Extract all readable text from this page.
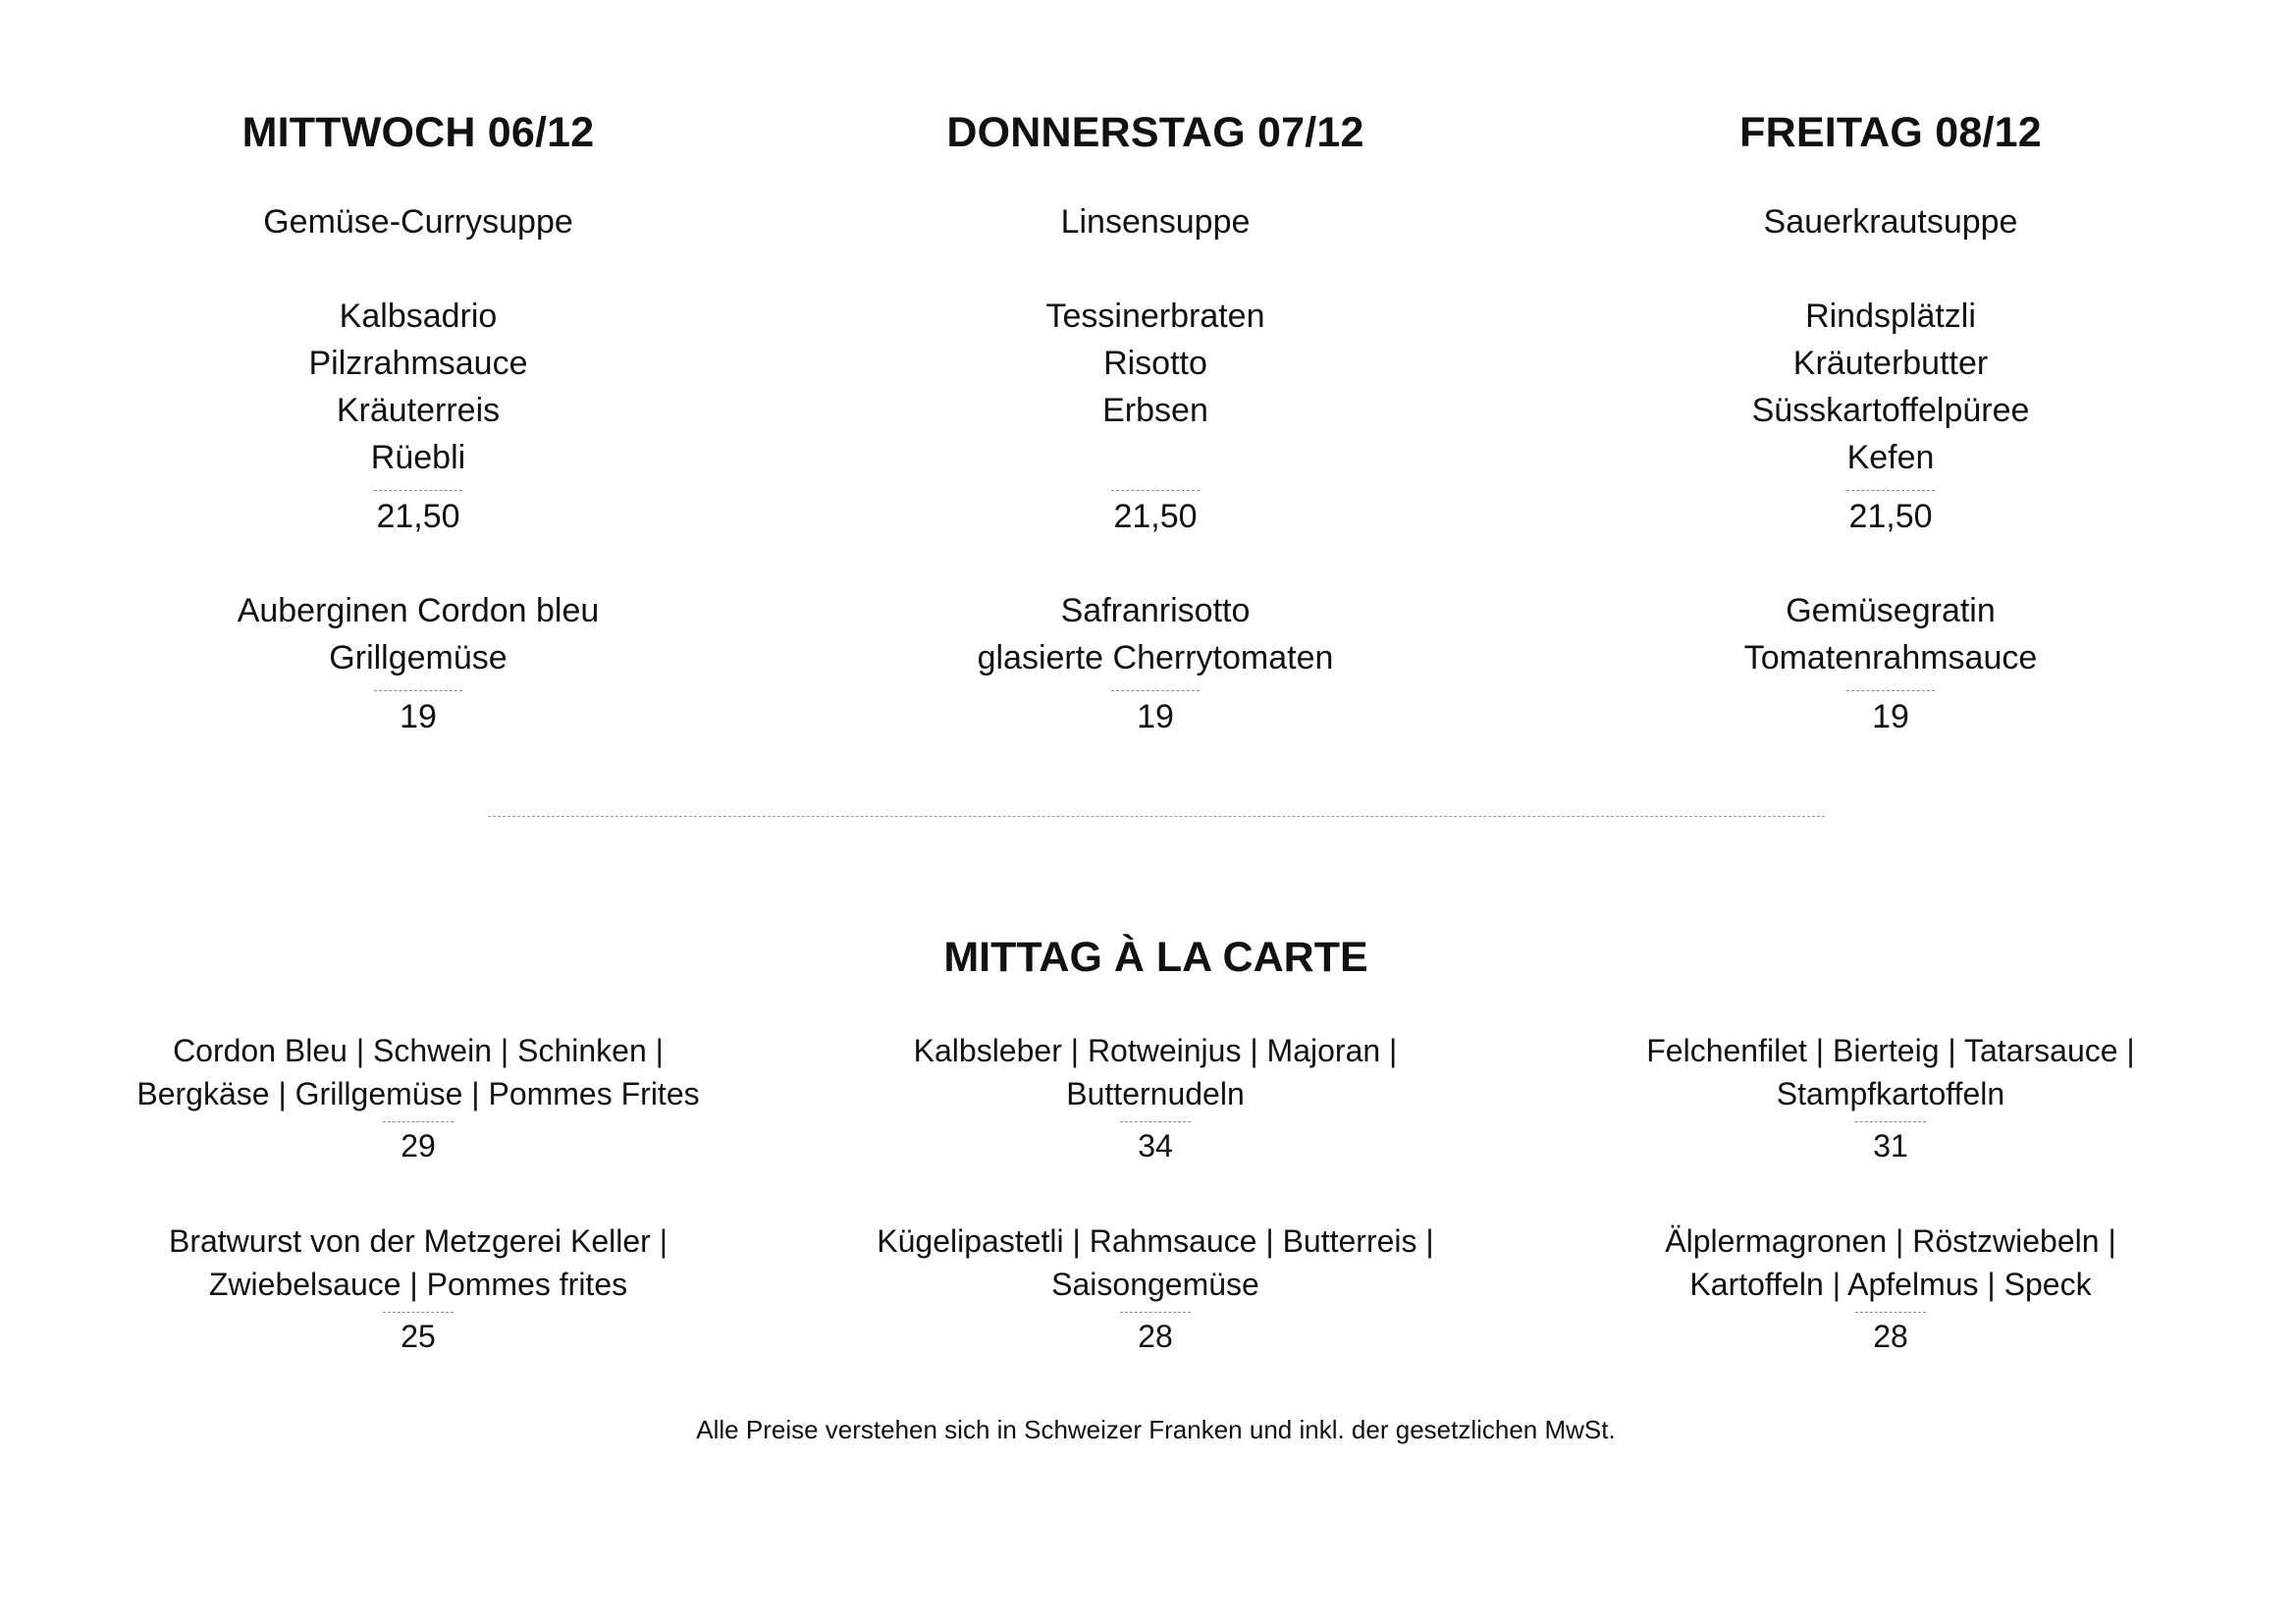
MITTWOCH 06/12
Gemüse-Currysuppe
Kalbsadrio
Pilzrahmsauce
Kräuterreis
Rüebli
21,50
Auberginen Cordon bleu
Grillgemüse
19
DONNERSTAG 07/12
Linsensuppe
Tessinerbraten
Risotto
Erbsen
21,50
Safranrisotto
glasierte Cherrytomaten
19
FREITAG 08/12
Sauerkrautsuppe
Rindsplätzli
Kräuterbutter
Süsskartoffelpüree
Kefen
21,50
Gemüsegratin
Tomatenrahmsauce
19
MITTAG À LA CARTE
Cordon Bleu | Schwein | Schinken |
Bergkäse | Grillgemüse | Pommes Frites
29
Bratwurst von der Metzgerei Keller |
Zwiebelsauce | Pommes frites
25
Kalbsleber | Rotweinjus | Majoran |
Butternudeln
34
Kügelipastetli | Rahmsauce | Butterreis |
Saisongemüse
28
Felchenfilet | Bierteig | Tatarsauce |
Stampfkartoffeln
31
Älplermagronen | Röstzwiebeln |
Kartoffeln | Apfelmus | Speck
28
Alle Preise verstehen sich in Schweizer Franken und inkl. der gesetzlichen MwSt.
